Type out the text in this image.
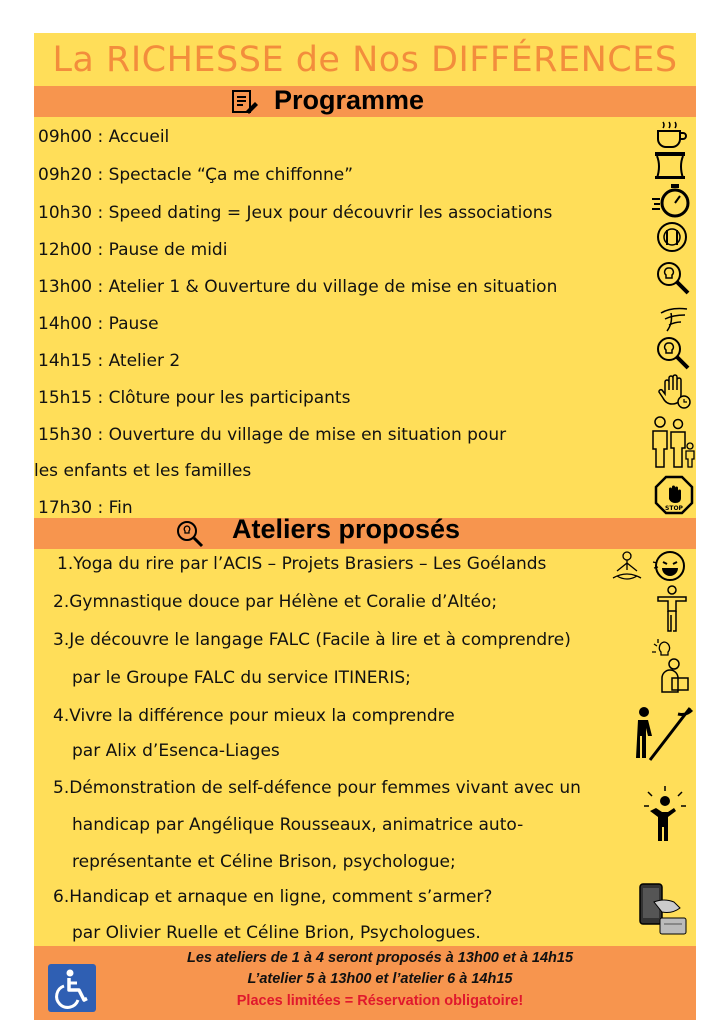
La RICHESSE de Nos DIFFÉRENCES
Programme
09h00 : Accueil
09h20 : Spectacle “Ça me chiffonne”
10h30 : Speed dating = Jeux pour découvrir les associations
12h00 : Pause de midi
13h00 : Atelier 1 & Ouverture du village de mise en situation
14h00 : Pause
14h15 : Atelier 2
15h15 : Clôture pour les participants
15h30 : Ouverture du village de mise en situation pour
les enfants et les familles
17h30 : Fin	STOP
Ateliers proposés
1.Yoga du rire par l’ACIS – Projets Brasiers – Les Goélands
2.Gymnastique douce par Hélène et Coralie d’Altéo;
3.Je découvre le langage FALC (Facile à lire et à comprendre)
par le Groupe FALC du service ITINERIS;
4.Vivre la différence pour mieux la comprendre
par Alix d’Esenca-Liages
5.Démonstration de self-défence pour femmes vivant avec un
handicap par Angélique Rousseaux, animatrice auto-
représentante et Céline Brison, psychologue;
6.Handicap et arnaque en ligne, comment s’armer?
par Olivier Ruelle et Céline Brion, Psychologues.
Les ateliers de 1 à 4 seront proposés à 13h00 et à 14h15
L’atelier 5 à 13h00 et l’atelier 6 à 14h15
Places limitées = Réservation obligatoire!
